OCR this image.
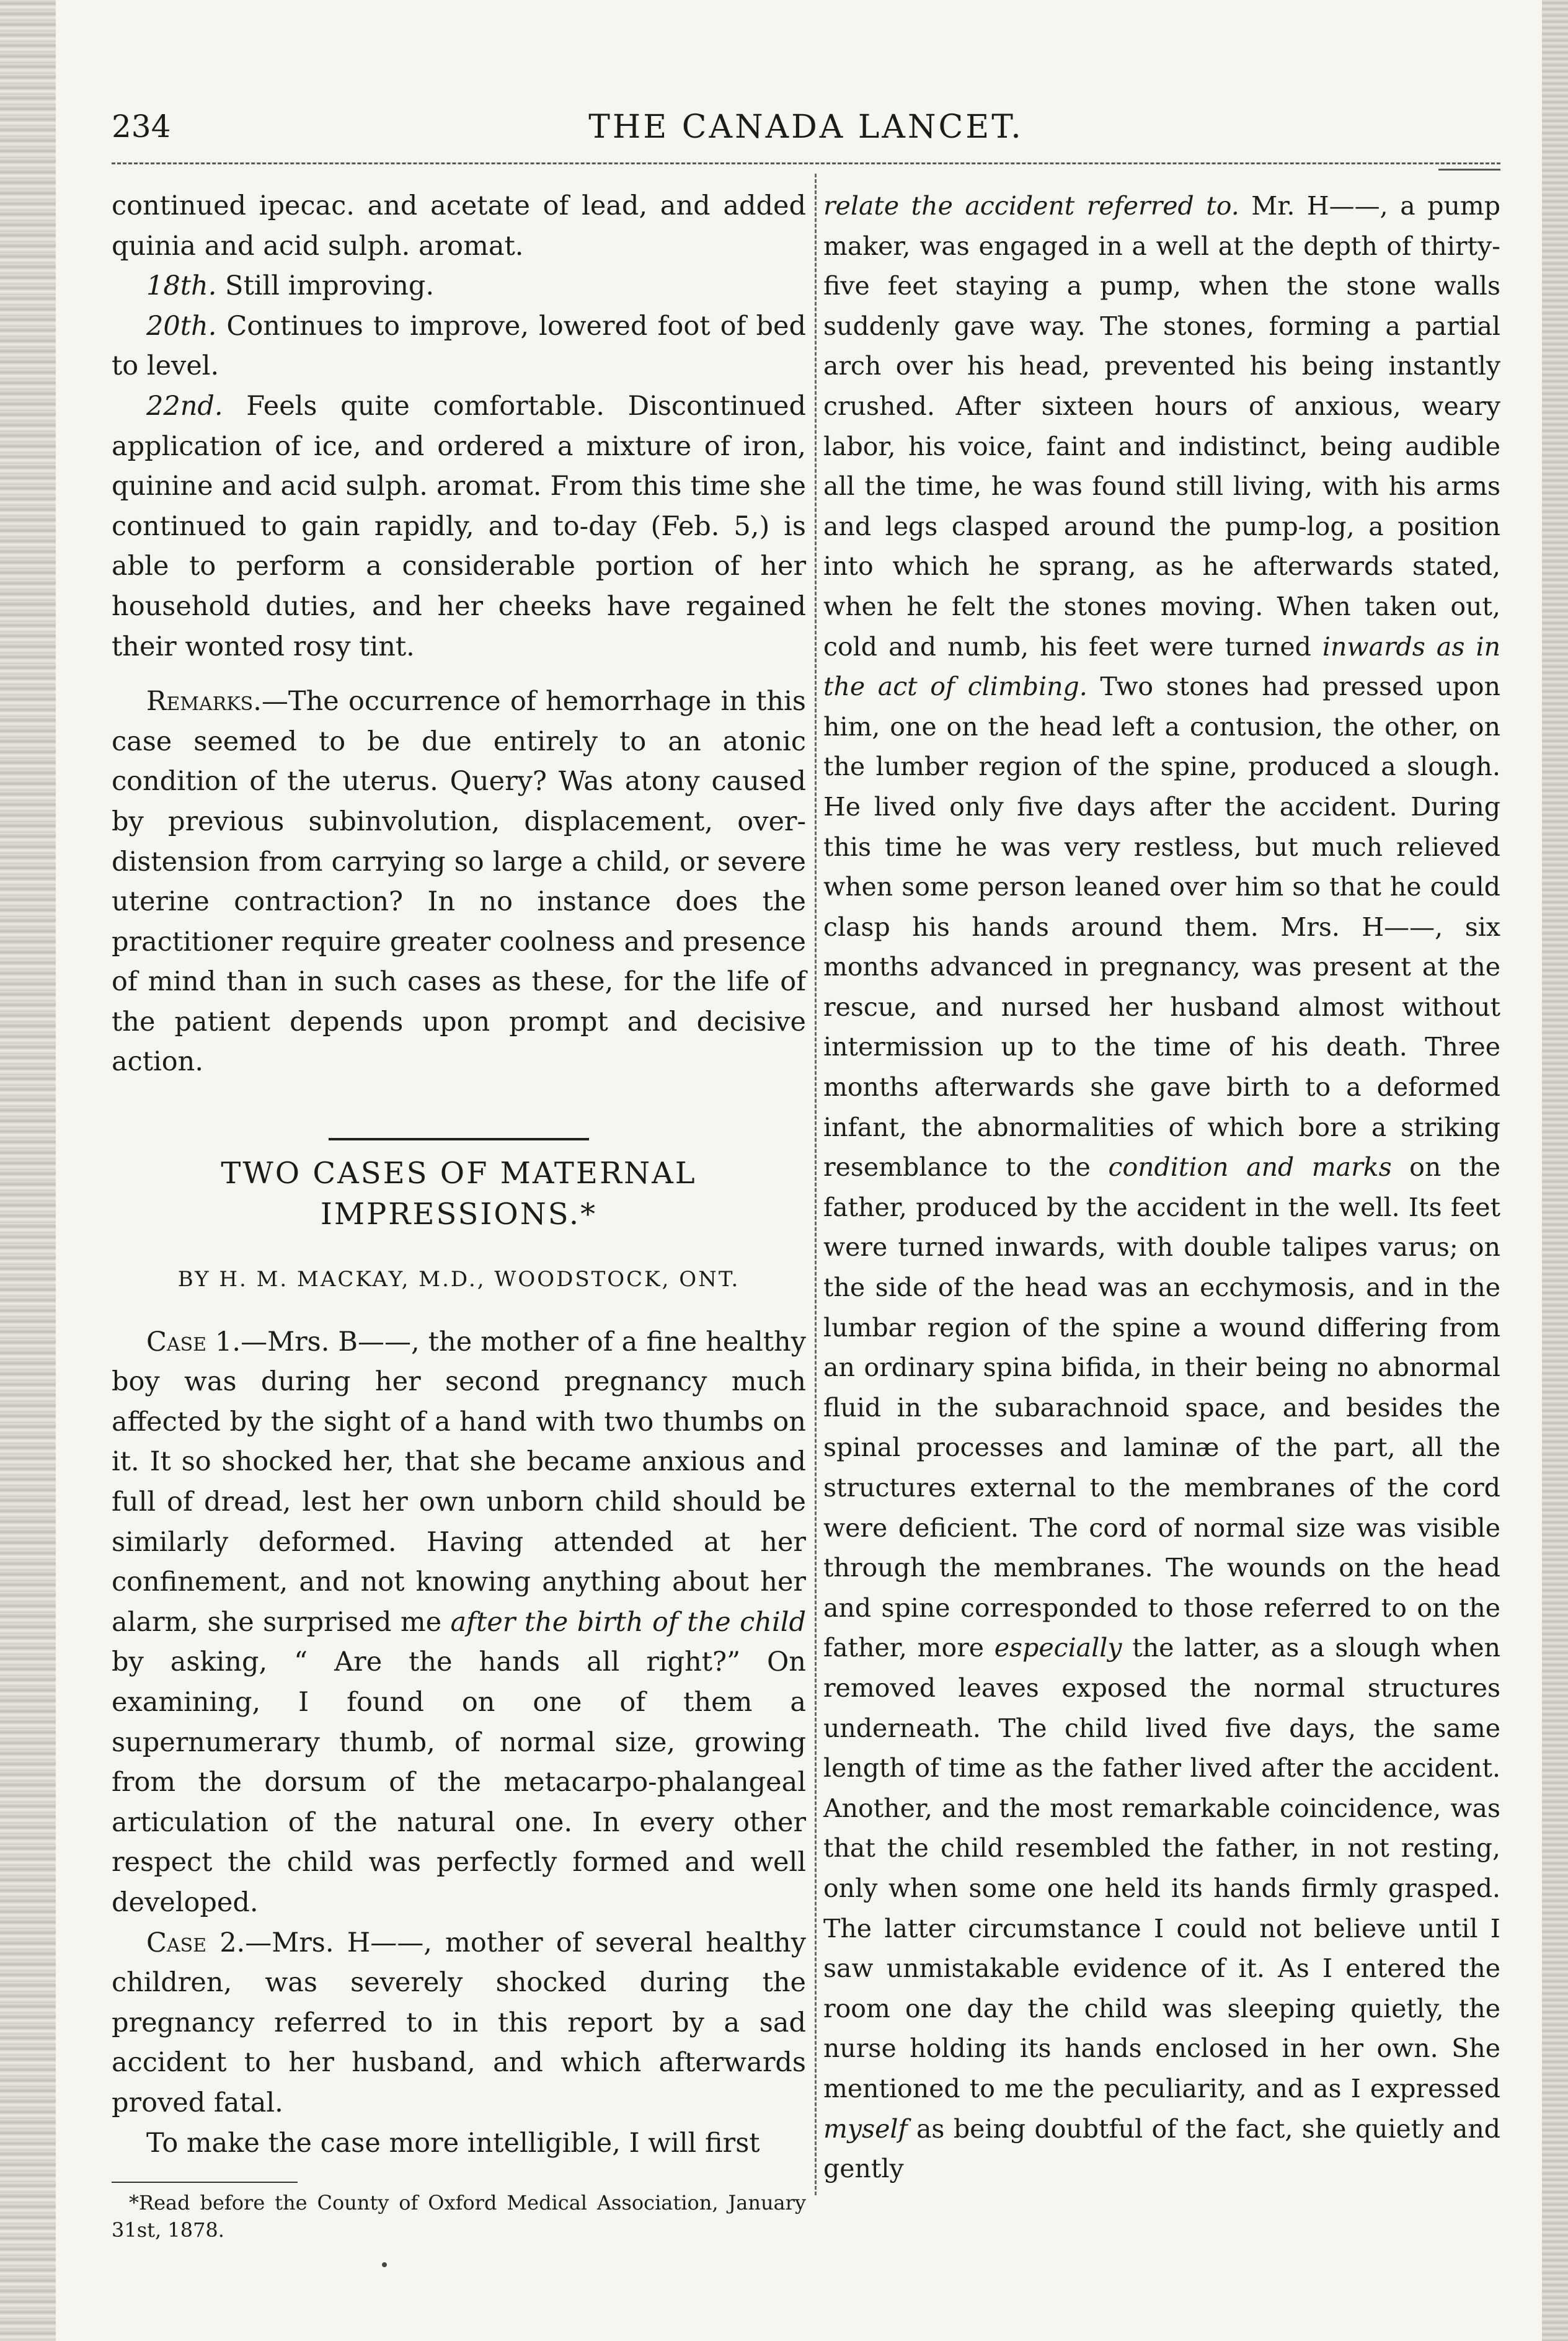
234	THE CANADA LANCET.

continued ipecac. and acetate of lead, and added quinia and acid sulph. aromat.

18th. Still improving.

20th. Continues to improve, lowered foot of bed to level.

22nd. Feels quite comfortable. Discontinued application of ice, and ordered a mixture of iron, quinine and acid sulph. aromat. From this time she continued to gain rapidly, and to-day (Feb. 5,) is able to perform a considerable portion of her household duties, and her cheeks have regained their wonted rosy tint.

Remarks.—The occurrence of hemorrhage in this case seemed to be due entirely to an atonic condition of the uterus. Query? Was atony caused by previous subinvolution, displacement, over-distension from carrying so large a child, or severe uterine contraction? In no instance does the practitioner require greater coolness and presence of mind than in such cases as these, for the life of the patient depends upon prompt and decisive action.

TWO CASES OF MATERNAL
IMPRESSIONS.*
BY H. M. MACKAY, M.D., WOODSTOCK, ONT.

Case 1.—Mrs. B——, the mother of a fine healthy boy was during her second pregnancy much affected by the sight of a hand with two thumbs on it. It so shocked her, that she became anxious and full of dread, lest her own unborn child should be similarly deformed. Having attended at her confinement, and not knowing anything about her alarm, she surprised me after the birth of the child by asking, “ Are the hands all right?” On examining, I found on one of them a supernumerary thumb, of normal size, growing from the dorsum of the metacarpo-phalangeal articulation of the natural one. In every other respect the child was perfectly formed and well developed.

Case 2.—Mrs. H——, mother of several healthy children, was severely shocked during the pregnancy referred to in this report by a sad accident to her husband, and which afterwards proved fatal.

To make the case more intelligible, I will first

*Read before the County of Oxford Medical Association, January 31st, 1878.

relate the accident referred to. Mr. H——, a pump maker, was engaged in a well at the depth of thirty-five feet staying a pump, when the stone walls suddenly gave way. The stones, forming a partial arch over his head, prevented his being instantly crushed. After sixteen hours of anxious, weary labor, his voice, faint and indistinct, being audible all the time, he was found still living, with his arms and legs clasped around the pump-log, a position into which he sprang, as he afterwards stated, when he felt the stones moving. When taken out, cold and numb, his feet were turned inwards as in the act of climbing. Two stones had pressed upon him, one on the head left a contusion, the other, on the lumber region of the spine, produced a slough. He lived only five days after the accident. During this time he was very restless, but much relieved when some person leaned over him so that he could clasp his hands around them. Mrs. H——, six months advanced in pregnancy, was present at the rescue, and nursed her husband almost without intermission up to the time of his death. Three months afterwards she gave birth to a deformed infant, the abnormalities of which bore a striking resemblance to the condition and marks on the father, produced by the accident in the well. Its feet were turned inwards, with double talipes varus; on the side of the head was an ecchymosis, and in the lumbar region of the spine a wound differing from an ordinary spina bifida, in their being no abnormal fluid in the subarachnoid space, and besides the spinal processes and laminæ of the part, all the structures external to the membranes of the cord were deficient. The cord of normal size was visible through the membranes. The wounds on the head and spine corresponded to those referred to on the father, more especially the latter, as a slough when removed leaves exposed the normal structures underneath. The child lived five days, the same length of time as the father lived after the accident. Another, and the most remarkable coincidence, was that the child resembled the father, in not resting, only when some one held its hands firmly grasped. The latter circumstance I could not believe until I saw unmistakable evidence of it. As I entered the room one day the child was sleeping quietly, the nurse holding its hands enclosed in her own. She mentioned to me the peculiarity, and as I expressed myself as being doubtful of the fact, she quietly and gently
